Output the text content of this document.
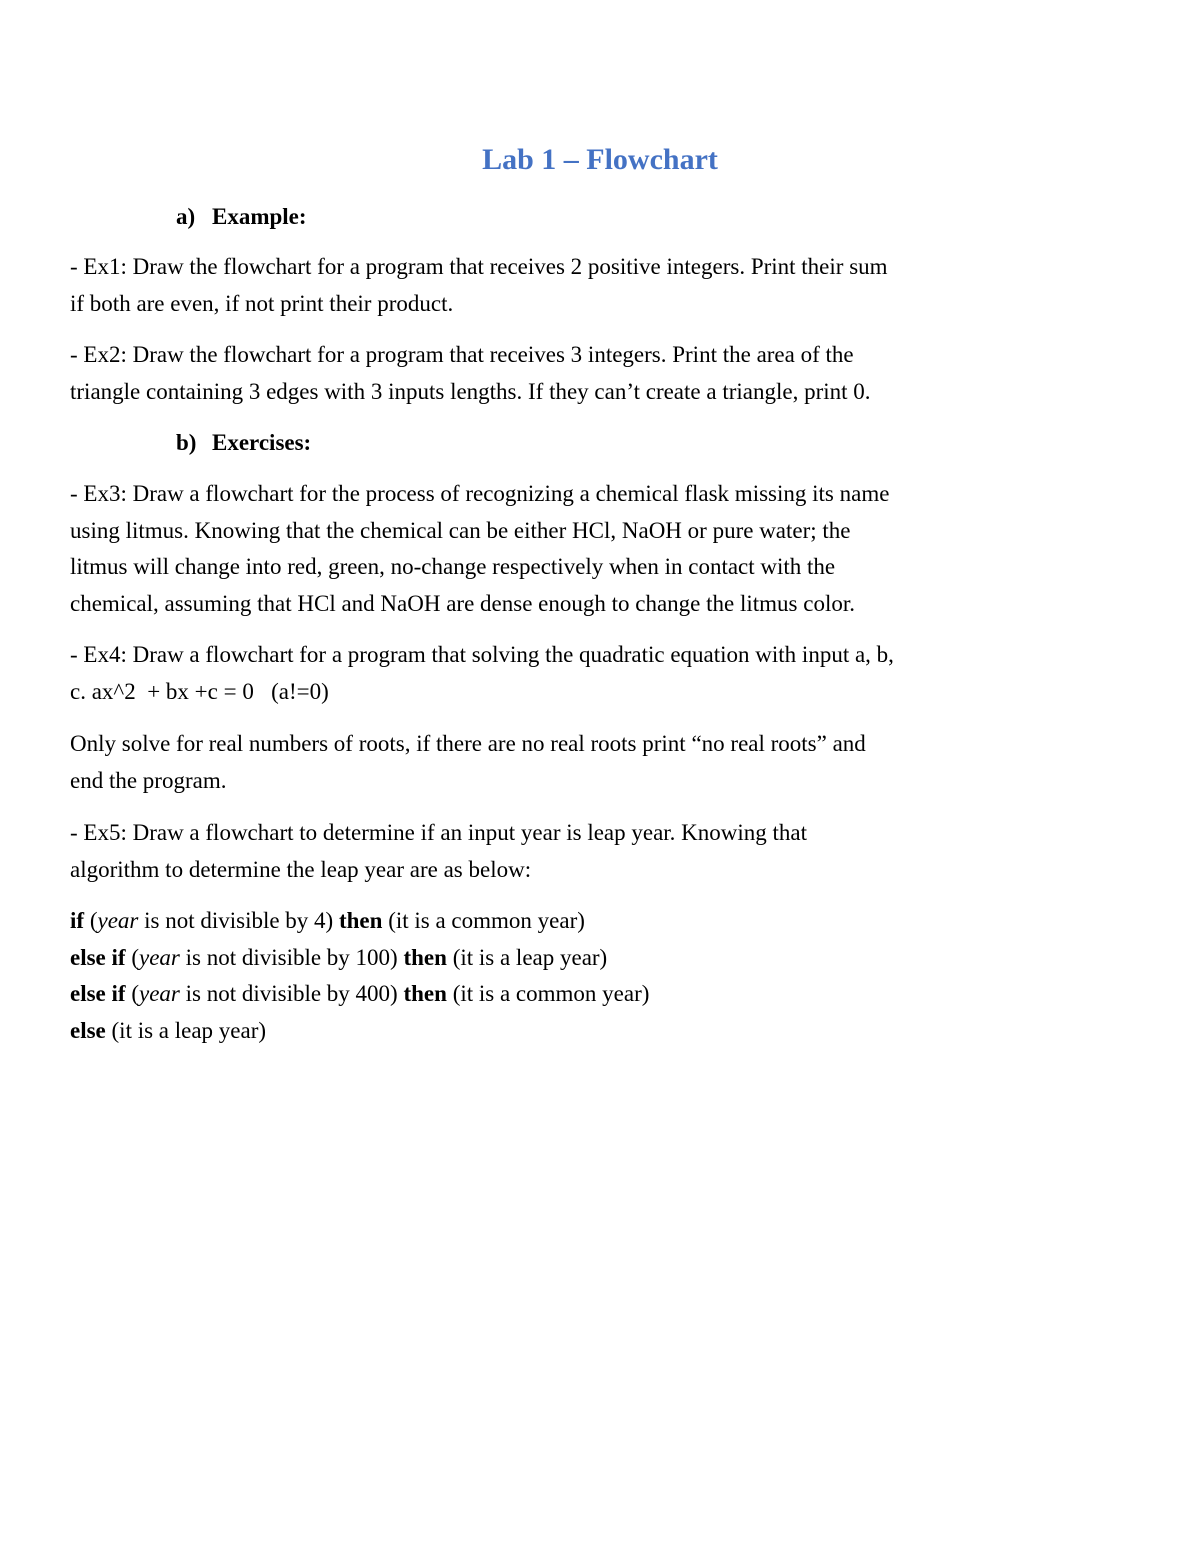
Lab 1 – Flowchart
a) Example:
- Ex1: Draw the flowchart for a program that receives 2 positive integers. Print their sum
if both are even, if not print their product.
- Ex2: Draw the flowchart for a program that receives 3 integers. Print the area of the
triangle containing 3 edges with 3 inputs lengths. If they can’t create a triangle, print 0.
b) Exercises:
- Ex3: Draw a flowchart for the process of recognizing a chemical flask missing its name
using litmus. Knowing that the chemical can be either HCl, NaOH or pure water; the
litmus will change into red, green, no-change respectively when in contact with the
chemical, assuming that HCl and NaOH are dense enough to change the litmus color.
- Ex4: Draw a flowchart for a program that solving the quadratic equation with input a, b,
c. ax^2  + bx +c = 0   (a!=0)
Only solve for real numbers of roots, if there are no real roots print “no real roots” and
end the program.
- Ex5: Draw a flowchart to determine if an input year is leap year. Knowing that
algorithm to determine the leap year are as below:
if (year is not divisible by 4) then (it is a common year)
else if (year is not divisible by 100) then (it is a leap year)
else if (year is not divisible by 400) then (it is a common year)
else (it is a leap year)
